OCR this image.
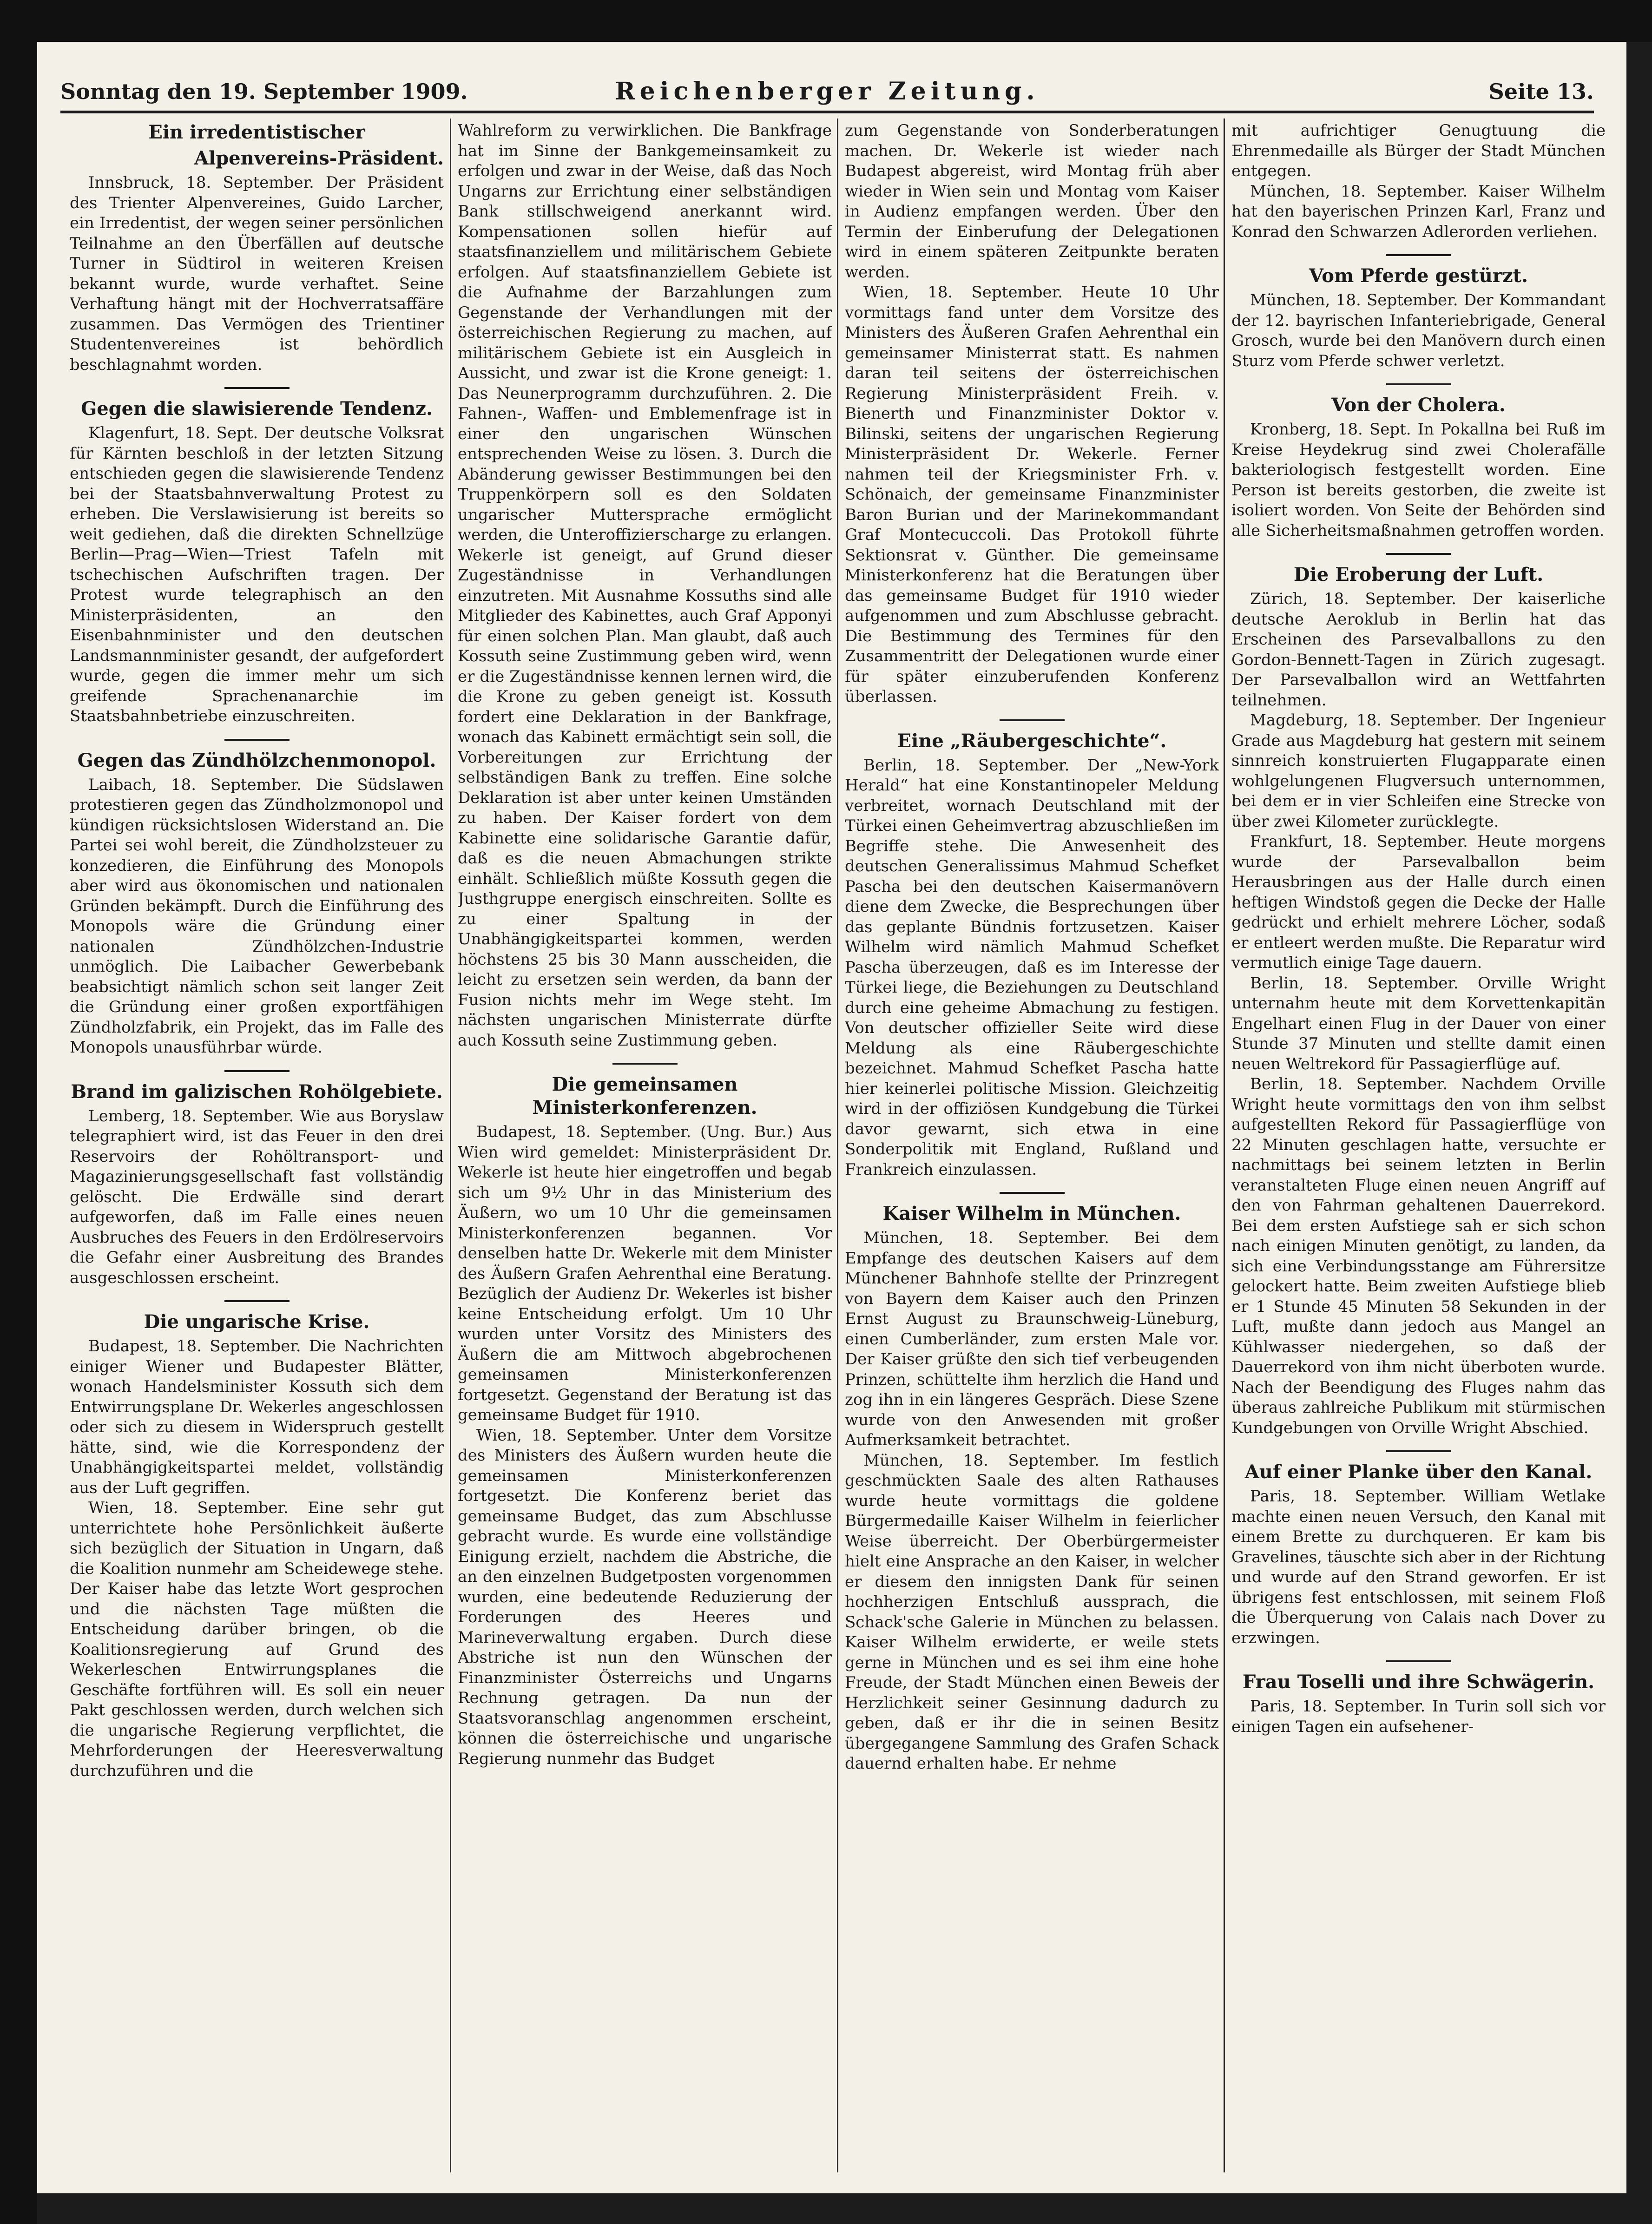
Sonntag den 19. September 1909.	Reichenberger Zeitung.	Seite 13.
Ein irredentistischer
Alpenvereins-Präsident.

Innsbruck, 18. September. Der Präsident des Trienter Alpenvereines, Guido Larcher, ein Irredentist, der wegen seiner persönlichen Teilnahme an den Überfällen auf deutsche Turner in Südtirol in weiteren Kreisen bekannt wurde, wurde verhaftet. Seine Verhaftung hängt mit der Hochverratsaffäre zusammen. Das Vermögen des Trientiner Studentenvereines ist behördlich beschlagnahmt worden.

Gegen die slawisierende Tendenz.

Klagenfurt, 18. Sept. Der deutsche Volksrat für Kärnten beschloß in der letzten Sitzung entschieden gegen die slawisierende Tendenz bei der Staatsbahnverwaltung Protest zu erheben. Die Verslawisierung ist bereits so weit gediehen, daß die direkten Schnellzüge Berlin—Prag—Wien—Triest Tafeln mit tschechischen Aufschriften tragen. Der Protest wurde telegraphisch an den Ministerpräsidenten, an den Eisenbahnminister und den deutschen Landsmannminister gesandt, der aufgefordert wurde, gegen die immer mehr um sich greifende Sprachenanarchie im Staatsbahnbetriebe einzuschreiten.

Gegen das Zündhölzchenmonopol.

Laibach, 18. September. Die Südslawen protestieren gegen das Zündholzmonopol und kündigen rücksichtslosen Widerstand an. Die Partei sei wohl bereit, die Zündholzsteuer zu konzedieren, die Einführung des Monopols aber wird aus ökonomischen und nationalen Gründen bekämpft. Durch die Einführung des Monopols wäre die Gründung einer nationalen Zündhölzchen-Industrie unmöglich. Die Laibacher Gewerbebank beabsichtigt nämlich schon seit langer Zeit die Gründung einer großen exportfähigen Zündholzfabrik, ein Projekt, das im Falle des Monopols unausführbar würde.

Brand im galizischen Rohölgebiete.

Lemberg, 18. September. Wie aus Boryslaw telegraphiert wird, ist das Feuer in den drei Reservoirs der Rohöltransport- und Magazinierungsgesellschaft fast vollständig gelöscht. Die Erdwälle sind derart aufgeworfen, daß im Falle eines neuen Ausbruches des Feuers in den Erdölreservoirs die Gefahr einer Ausbreitung des Brandes ausgeschlossen erscheint.

Die ungarische Krise.

Budapest, 18. September. Die Nachrichten einiger Wiener und Budapester Blätter, wonach Handelsminister Kossuth sich dem Entwirrungsplane Dr. Wekerles angeschlossen oder sich zu diesem in Widerspruch gestellt hätte, sind, wie die Korrespondenz der Unabhängigkeitspartei meldet, vollständig aus der Luft gegriffen.

Wien, 18. September. Eine sehr gut unterrichtete hohe Persönlichkeit äußerte sich bezüglich der Situation in Ungarn, daß die Koalition nunmehr am Scheidewege stehe. Der Kaiser habe das letzte Wort gesprochen und die nächsten Tage müßten die Entscheidung darüber bringen, ob die Koalitionsregierung auf Grund des Wekerleschen Entwirrungsplanes die Geschäfte fortführen will. Es soll ein neuer Pakt geschlossen werden, durch welchen sich die ungarische Regierung verpflichtet, die Mehrforderungen der Heeresverwaltung durchzuführen und die

Wahlreform zu verwirklichen. Die Bankfrage hat im Sinne der Bankgemeinsamkeit zu erfolgen und zwar in der Weise, daß das Noch Ungarns zur Errichtung einer selbständigen Bank stillschweigend anerkannt wird. Kompensationen sollen hiefür auf staatsfinanziellem und militärischem Gebiete erfolgen. Auf staatsfinanziellem Gebiete ist die Aufnahme der Barzahlungen zum Gegenstande der Verhandlungen mit der österreichischen Regierung zu machen, auf militärischem Gebiete ist ein Ausgleich in Aussicht, und zwar ist die Krone geneigt: 1. Das Neunerprogramm durchzuführen. 2. Die Fahnen-, Waffen- und Emblemenfrage ist in einer den ungarischen Wünschen entsprechenden Weise zu lösen. 3. Durch die Abänderung gewisser Bestimmungen bei den Truppenkörpern soll es den Soldaten ungarischer Muttersprache ermöglicht werden, die Unteroffizierscharge zu erlangen. Wekerle ist geneigt, auf Grund dieser Zugeständnisse in Verhandlungen einzutreten. Mit Ausnahme Kossuths sind alle Mitglieder des Kabinettes, auch Graf Apponyi für einen solchen Plan. Man glaubt, daß auch Kossuth seine Zustimmung geben wird, wenn er die Zugeständnisse kennen lernen wird, die die Krone zu geben geneigt ist. Kossuth fordert eine Deklaration in der Bankfrage, wonach das Kabinett ermächtigt sein soll, die Vorbereitungen zur Errichtung der selbständigen Bank zu treffen. Eine solche Deklaration ist aber unter keinen Umständen zu haben. Der Kaiser fordert von dem Kabinette eine solidarische Garantie dafür, daß es die neuen Abmachungen strikte einhält. Schließlich müßte Kossuth gegen die Justhgruppe energisch einschreiten. Sollte es zu einer Spaltung in der Unabhängigkeitspartei kommen, werden höchstens 25 bis 30 Mann ausscheiden, die leicht zu ersetzen sein werden, da bann der Fusion nichts mehr im Wege steht. Im nächsten ungarischen Ministerrate dürfte auch Kossuth seine Zustimmung geben.

Die gemeinsamen Ministerkonferenzen.

Budapest, 18. September. (Ung. Bur.) Aus Wien wird gemeldet: Ministerpräsident Dr. Wekerle ist heute hier eingetroffen und begab sich um 9½ Uhr in das Ministerium des Äußern, wo um 10 Uhr die gemeinsamen Ministerkonferenzen begannen. Vor denselben hatte Dr. Wekerle mit dem Minister des Äußern Grafen Aehrenthal eine Beratung. Bezüglich der Audienz Dr. Wekerles ist bisher keine Entscheidung erfolgt. Um 10 Uhr wurden unter Vorsitz des Ministers des Äußern die am Mittwoch abgebrochenen gemeinsamen Ministerkonferenzen fortgesetzt. Gegenstand der Beratung ist das gemeinsame Budget für 1910.

Wien, 18. September. Unter dem Vorsitze des Ministers des Äußern wurden heute die gemeinsamen Ministerkonferenzen fortgesetzt. Die Konferenz beriet das gemeinsame Budget, das zum Abschlusse gebracht wurde. Es wurde eine vollständige Einigung erzielt, nachdem die Abstriche, die an den einzelnen Budgetposten vorgenommen wurden, eine bedeutende Reduzierung der Forderungen des Heeres und Marineverwaltung ergaben. Durch diese Abstriche ist nun den Wünschen der Finanzminister Österreichs und Ungarns Rechnung getragen. Da nun der Staatsvoranschlag angenommen erscheint, können die österreichische und ungarische Regierung nunmehr das Budget

zum Gegenstande von Sonderberatungen machen. Dr. Wekerle ist wieder nach Budapest abgereist, wird Montag früh aber wieder in Wien sein und Montag vom Kaiser in Audienz empfangen werden. Über den Termin der Einberufung der Delegationen wird in einem späteren Zeitpunkte beraten werden.

Wien, 18. September. Heute 10 Uhr vormittags fand unter dem Vorsitze des Ministers des Äußeren Grafen Aehrenthal ein gemeinsamer Ministerrat statt. Es nahmen daran teil seitens der österreichischen Regierung Ministerpräsident Freih. v. Bienerth und Finanzminister Doktor v. Bilinski, seitens der ungarischen Regierung Ministerpräsident Dr. Wekerle. Ferner nahmen teil der Kriegsminister Frh. v. Schönaich, der gemeinsame Finanzminister Baron Burian und der Marinekommandant Graf Montecuccoli. Das Protokoll führte Sektionsrat v. Günther. Die gemeinsame Ministerkonferenz hat die Beratungen über das gemeinsame Budget für 1910 wieder aufgenommen und zum Abschlusse gebracht. Die Bestimmung des Termines für den Zusammentritt der Delegationen wurde einer für später einzuberufenden Konferenz überlassen.

Eine „Räubergeschichte“.

Berlin, 18. September. Der „New-York Herald“ hat eine Konstantinopeler Meldung verbreitet, wornach Deutschland mit der Türkei einen Geheimvertrag abzuschließen im Begriffe stehe. Die Anwesenheit des deutschen Generalissimus Mahmud Schefket Pascha bei den deutschen Kaisermanövern diene dem Zwecke, die Besprechungen über das geplante Bündnis fortzusetzen. Kaiser Wilhelm wird nämlich Mahmud Schefket Pascha überzeugen, daß es im Interesse der Türkei liege, die Beziehungen zu Deutschland durch eine geheime Abmachung zu festigen. Von deutscher offizieller Seite wird diese Meldung als eine Räubergeschichte bezeichnet. Mahmud Schefket Pascha hatte hier keinerlei politische Mission. Gleichzeitig wird in der offiziösen Kundgebung die Türkei davor gewarnt, sich etwa in eine Sonderpolitik mit England, Rußland und Frankreich einzulassen.

Kaiser Wilhelm in München.

München, 18. September. Bei dem Empfange des deutschen Kaisers auf dem Münchener Bahnhofe stellte der Prinzregent von Bayern dem Kaiser auch den Prinzen Ernst August zu Braunschweig-Lüneburg, einen Cumberländer, zum ersten Male vor. Der Kaiser grüßte den sich tief verbeugenden Prinzen, schüttelte ihm herzlich die Hand und zog ihn in ein längeres Gespräch. Diese Szene wurde von den Anwesenden mit großer Aufmerksamkeit betrachtet.

München, 18. September. Im festlich geschmückten Saale des alten Rathauses wurde heute vormittags die goldene Bürgermedaille Kaiser Wilhelm in feierlicher Weise überreicht. Der Oberbürgermeister hielt eine Ansprache an den Kaiser, in welcher er diesem den innigsten Dank für seinen hochherzigen Entschluß aussprach, die Schack'sche Galerie in München zu belassen. Kaiser Wilhelm erwiderte, er weile stets gerne in München und es sei ihm eine hohe Freude, der Stadt München einen Beweis der Herzlichkeit seiner Gesinnung dadurch zu geben, daß er ihr die in seinen Besitz übergegangene Sammlung des Grafen Schack dauernd erhalten habe. Er nehme

mit aufrichtiger Genugtuung die Ehrenmedaille als Bürger der Stadt München entgegen.

München, 18. September. Kaiser Wilhelm hat den bayerischen Prinzen Karl, Franz und Konrad den Schwarzen Adlerorden verliehen.

Vom Pferde gestürzt.

München, 18. September. Der Kommandant der 12. bayrischen Infanteriebrigade, General Grosch, wurde bei den Manövern durch einen Sturz vom Pferde schwer verletzt.

Von der Cholera.

Kronberg, 18. Sept. In Pokallna bei Ruß im Kreise Heydekrug sind zwei Cholerafälle bakteriologisch festgestellt worden. Eine Person ist bereits gestorben, die zweite ist isoliert worden. Von Seite der Behörden sind alle Sicherheitsmaßnahmen getroffen worden.

Die Eroberung der Luft.

Zürich, 18. September. Der kaiserliche deutsche Aeroklub in Berlin hat das Erscheinen des Parsevalballons zu den Gordon-Bennett-Tagen in Zürich zugesagt. Der Parsevalballon wird an Wettfahrten teilnehmen.

Magdeburg, 18. September. Der Ingenieur Grade aus Magdeburg hat gestern mit seinem sinnreich konstruierten Flugapparate einen wohlgelungenen Flugversuch unternommen, bei dem er in vier Schleifen eine Strecke von über zwei Kilometer zurücklegte.

Frankfurt, 18. September. Heute morgens wurde der Parsevalballon beim Herausbringen aus der Halle durch einen heftigen Windstoß gegen die Decke der Halle gedrückt und erhielt mehrere Löcher, sodaß er entleert werden mußte. Die Reparatur wird vermutlich einige Tage dauern.

Berlin, 18. September. Orville Wright unternahm heute mit dem Korvettenkapitän Engelhart einen Flug in der Dauer von einer Stunde 37 Minuten und stellte damit einen neuen Weltrekord für Passagierflüge auf.

Berlin, 18. September. Nachdem Orville Wright heute vormittags den von ihm selbst aufgestellten Rekord für Passagierflüge von 22 Minuten geschlagen hatte, versuchte er nachmittags bei seinem letzten in Berlin veranstalteten Fluge einen neuen Angriff auf den von Fahrman gehaltenen Dauerrekord. Bei dem ersten Aufstiege sah er sich schon nach einigen Minuten genötigt, zu landen, da sich eine Verbindungsstange am Führersitze gelockert hatte. Beim zweiten Aufstiege blieb er 1 Stunde 45 Minuten 58 Sekunden in der Luft, mußte dann jedoch aus Mangel an Kühlwasser niedergehen, so daß der Dauerrekord von ihm nicht überboten wurde. Nach der Beendigung des Fluges nahm das überaus zahlreiche Publikum mit stürmischen Kundgebungen von Orville Wright Abschied.

Auf einer Planke über den Kanal.

Paris, 18. September. William Wetlake machte einen neuen Versuch, den Kanal mit einem Brette zu durchqueren. Er kam bis Gravelines, täuschte sich aber in der Richtung und wurde auf den Strand geworfen. Er ist übrigens fest entschlossen, mit seinem Floß die Überquerung von Calais nach Dover zu erzwingen.

Frau Toselli und ihre Schwägerin.

Paris, 18. September. In Turin soll sich vor einigen Tagen ein aufsehener-
